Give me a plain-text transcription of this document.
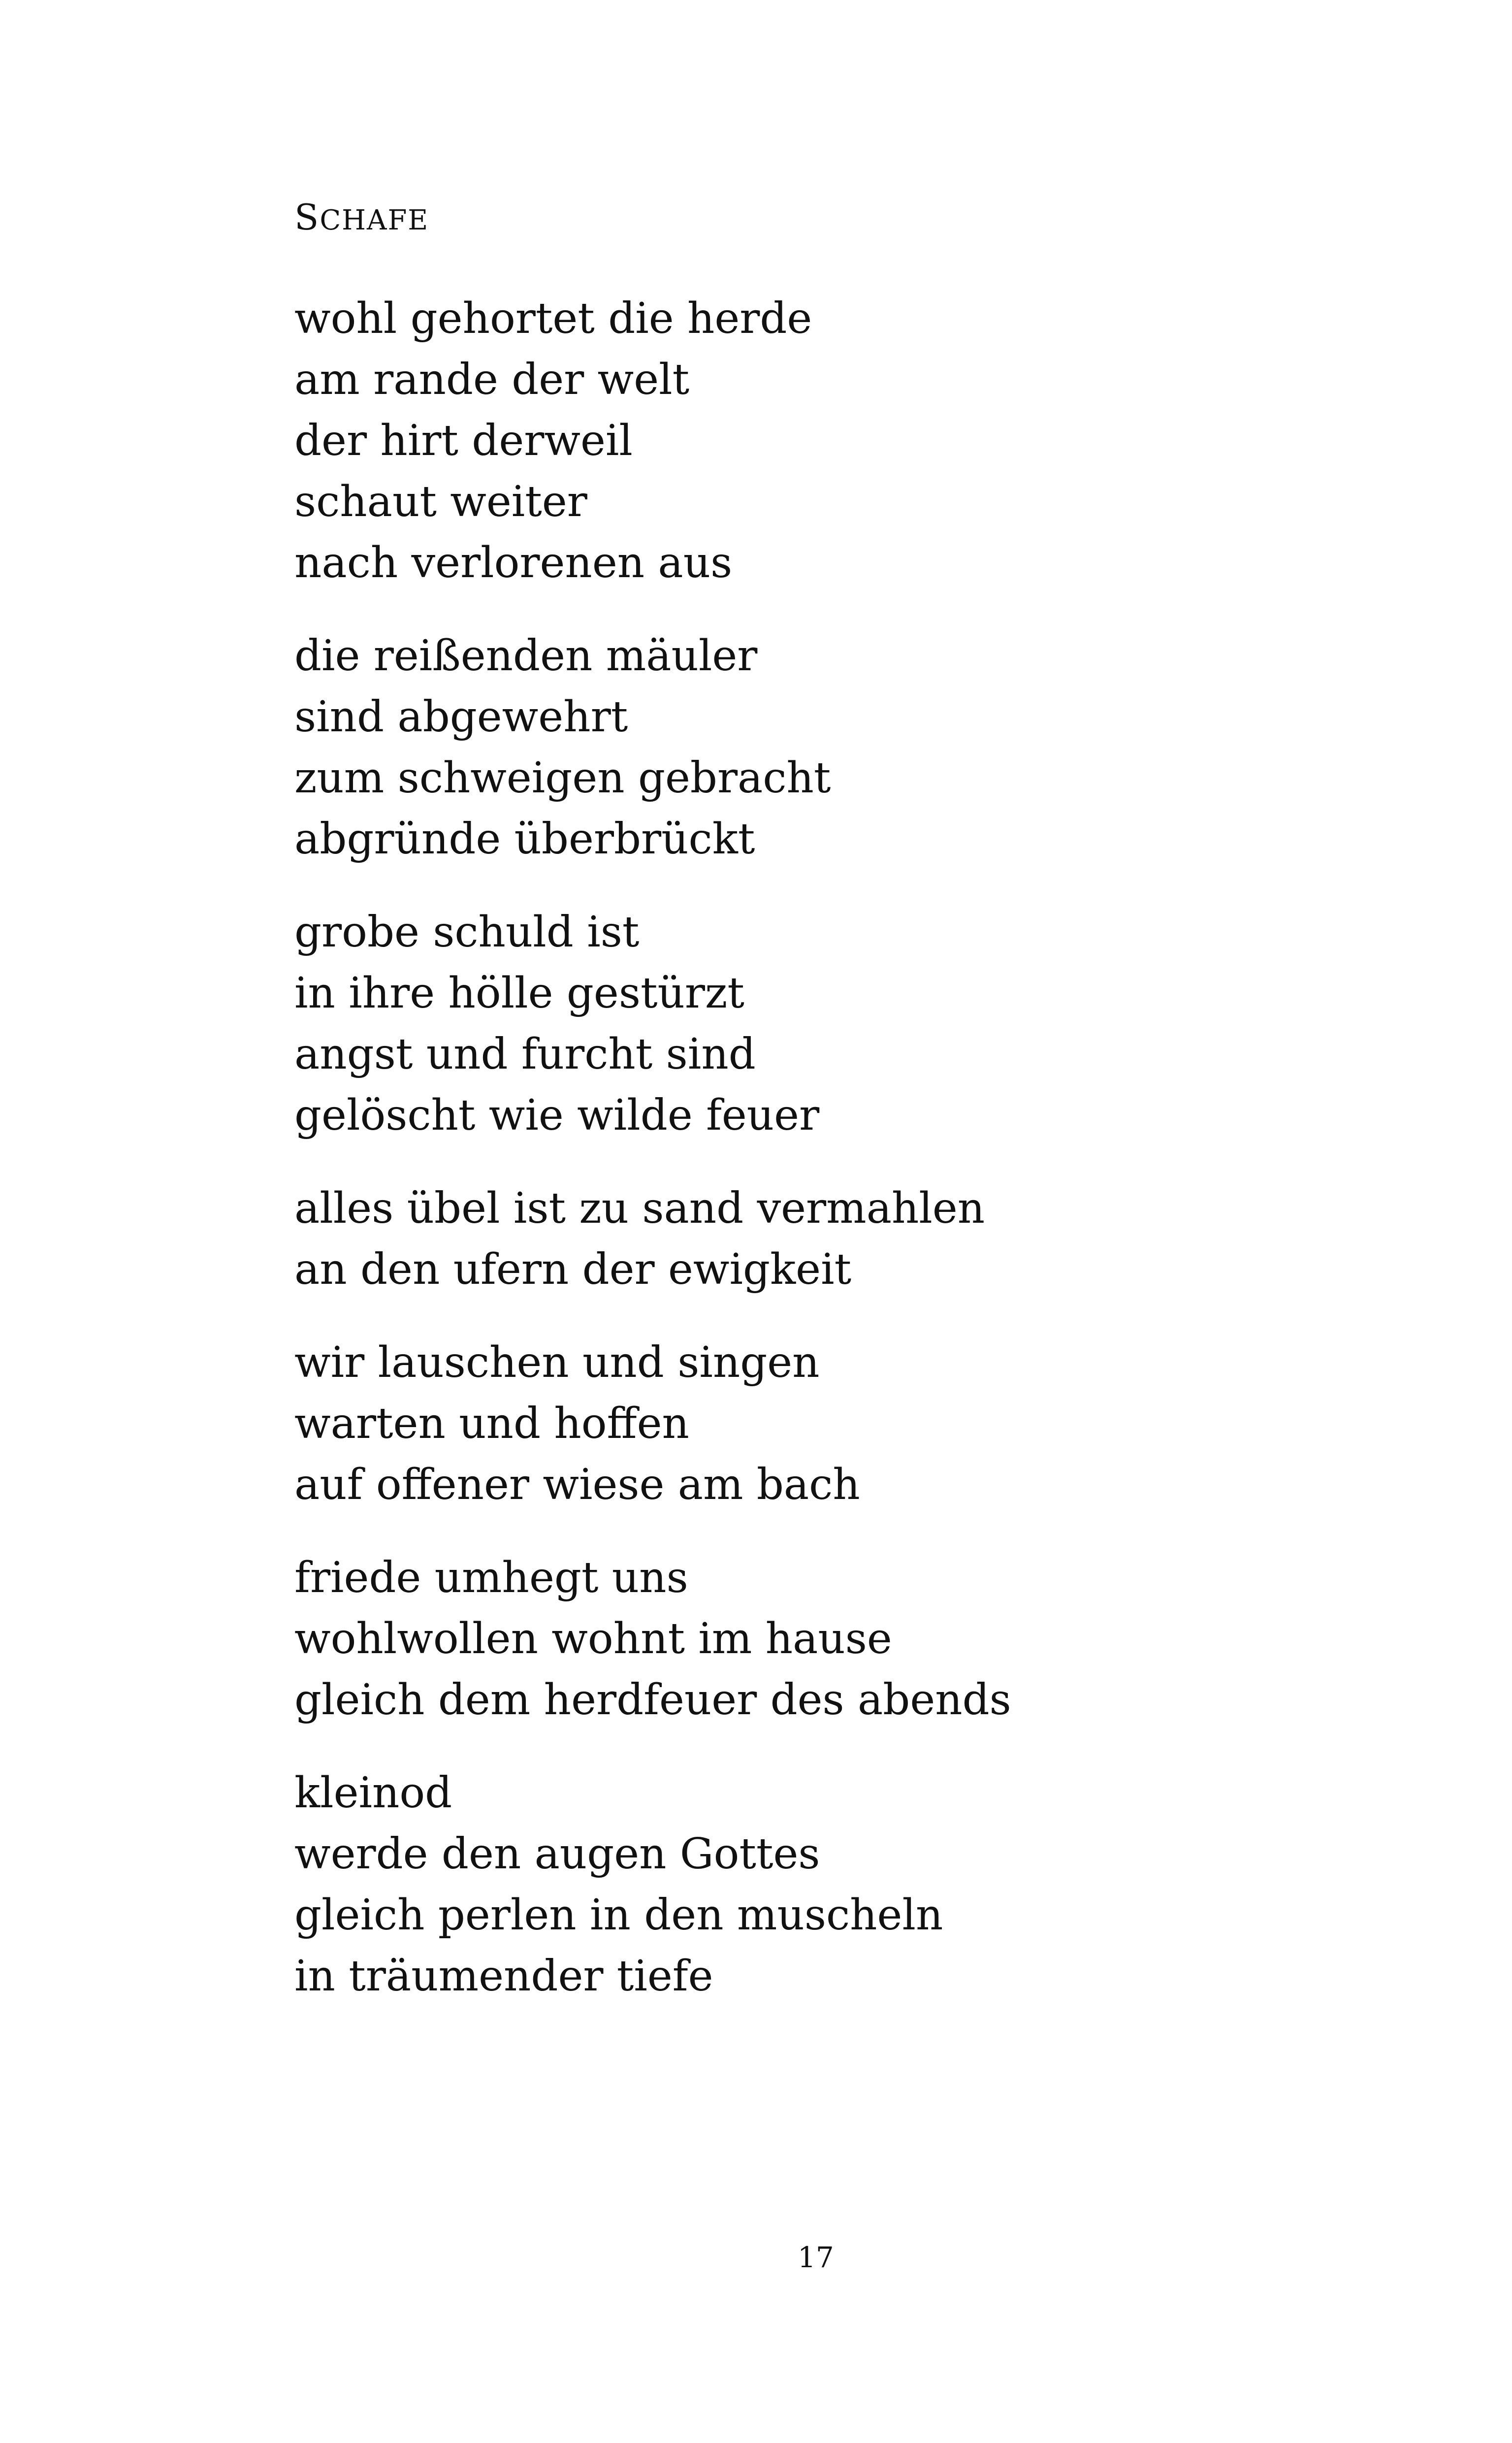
SCHAFE
wohl gehortet die herde
am rande der welt
der hirt derweil
schaut weiter
nach verlorenen aus
die reißenden mäuler
sind abgewehrt
zum schweigen gebracht
abgründe überbrückt
grobe schuld ist
in ihre hölle gestürzt
angst und furcht sind
gelöscht wie wilde feuer
alles übel ist zu sand vermahlen
an den ufern der ewigkeit
wir lauschen und singen
warten und hoffen
auf offener wiese am bach
friede umhegt uns
wohlwollen wohnt im hause
gleich dem herdfeuer des abends
kleinod
werde den augen Gottes
gleich perlen in den muscheln
in träumender tiefe
17
